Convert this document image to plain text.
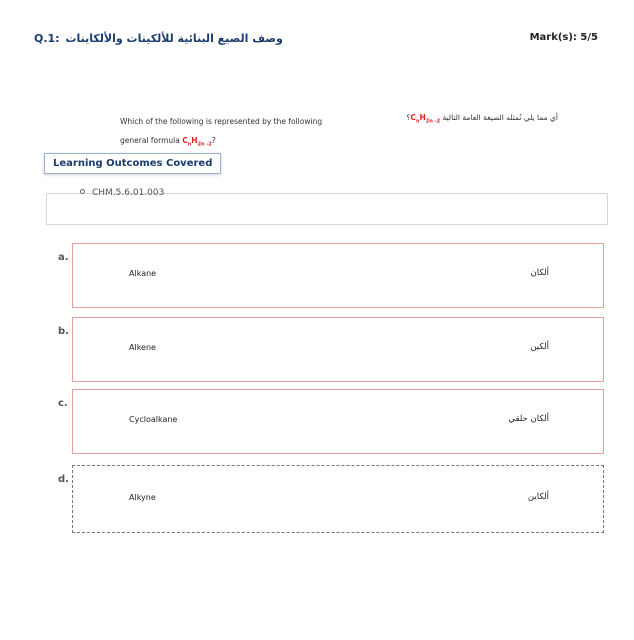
Q.1: وصف الصيغ البنائية للألكينات والألكاينات	Mark(s): 5/5
Which of the following is represented by the following general formula $C_nH_{2n -2}$?
أي مما يلي تُمثله الصيغة العامة التالية $C_nH_{2n -2}؟$
Learning Outcomes Covered
CHM.5.6.01.003
a.
Alkane	ألكان
b.
Alkene	ألكين
c.
Cycloalkane	ألكان حلقي
d.
Alkyne	ألكاين
